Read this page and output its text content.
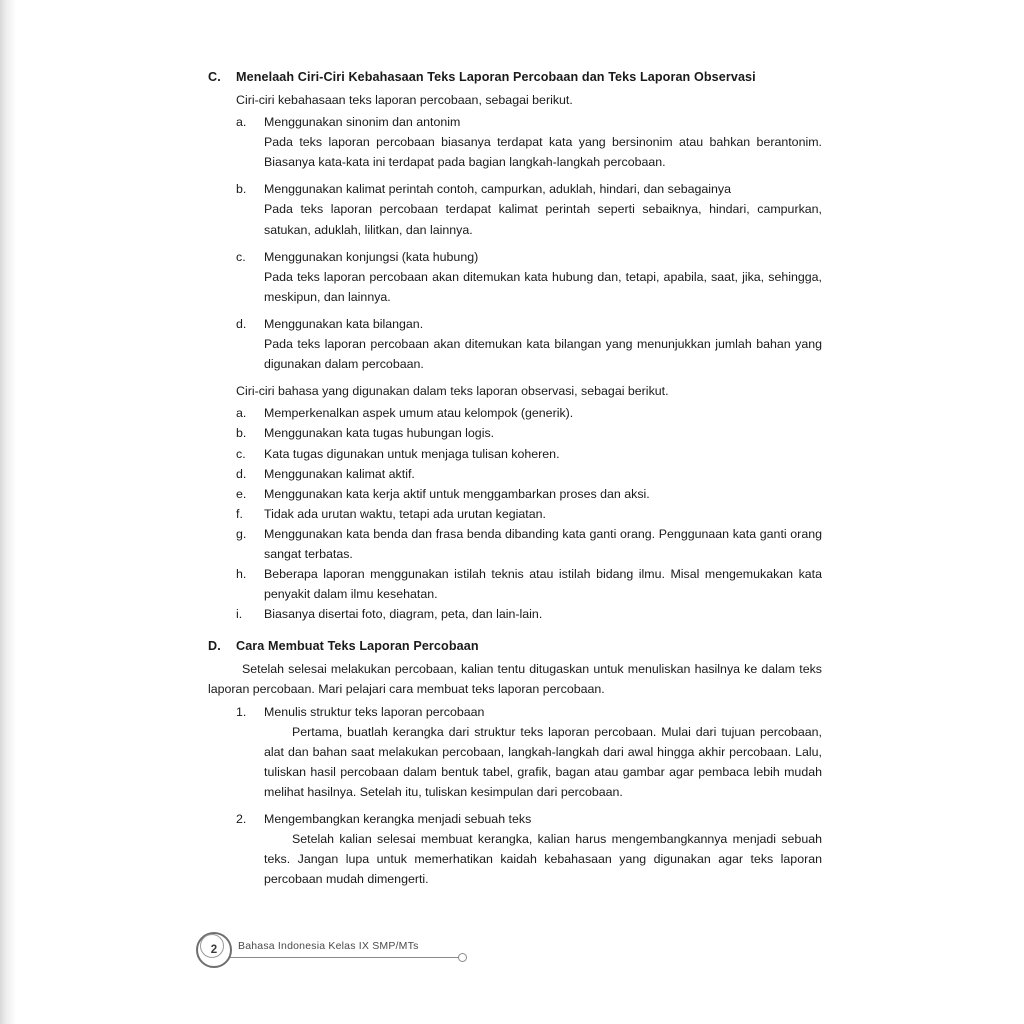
C.	Menelaah Ciri-Ciri Kebahasaan Teks Laporan Percobaan dan Teks Laporan Observasi

Ciri-ciri kebahasaan teks laporan percobaan, sebagai berikut.

a.	Menggunakan sinonim dan antonim
Pada teks laporan percobaan biasanya terdapat kata yang bersinonim atau bahkan berantonim. Biasanya kata-kata ini terdapat pada bagian langkah-langkah percobaan.
b.	Menggunakan kalimat perintah contoh, campurkan, aduklah, hindari, dan sebagainya
Pada teks laporan percobaan terdapat kalimat perintah seperti sebaiknya, hindari, campurkan, satukan, aduklah, lilitkan, dan lainnya.
c.	Menggunakan konjungsi (kata hubung)
Pada teks laporan percobaan akan ditemukan kata hubung dan, tetapi, apabila, saat, jika, sehingga, meskipun, dan lainnya.
d.	Menggunakan kata bilangan.
Pada teks laporan percobaan akan ditemukan kata bilangan yang menunjukkan jumlah bahan yang digunakan dalam percobaan.

Ciri-ciri bahasa yang digunakan dalam teks laporan observasi, sebagai berikut.

a.	Memperkenalkan aspek umum atau kelompok (generik).
b.	Menggunakan kata tugas hubungan logis.
c.	Kata tugas digunakan untuk menjaga tulisan koheren.
d.	Menggunakan kalimat aktif.
e.	Menggunakan kata kerja aktif untuk menggambarkan proses dan aksi.
f.	Tidak ada urutan waktu, tetapi ada urutan kegiatan.
g.	Menggunakan kata benda dan frasa benda dibanding kata ganti orang. Penggunaan kata ganti orang sangat terbatas.
h.	Beberapa laporan menggunakan istilah teknis atau istilah bidang ilmu. Misal mengemukakan kata penyakit dalam ilmu kesehatan.
i.	Biasanya disertai foto, diagram, peta, dan lain-lain.
D.	Cara Membuat Teks Laporan Percobaan

Setelah selesai melakukan percobaan, kalian tentu ditugaskan untuk menuliskan hasilnya ke dalam teks laporan percobaan. Mari pelajari cara membuat teks laporan percobaan.

1.	Menulis struktur teks laporan percobaan
Pertama, buatlah kerangka dari struktur teks laporan percobaan. Mulai dari tujuan percobaan, alat dan bahan saat melakukan percobaan, langkah-langkah dari awal hingga akhir percobaan. Lalu, tuliskan hasil percobaan dalam bentuk tabel, grafik, bagan atau gambar agar pembaca lebih mudah melihat hasilnya. Setelah itu, tuliskan kesimpulan dari percobaan.
2.	Mengembangkan kerangka menjadi sebuah teks
Setelah kalian selesai membuat kerangka, kalian harus mengembangkannya menjadi sebuah teks. Jangan lupa untuk memerhatikan kaidah kebahasaan yang digunakan agar teks laporan percobaan mudah dimengerti.
2	Bahasa Indonesia Kelas IX SMP/MTs
